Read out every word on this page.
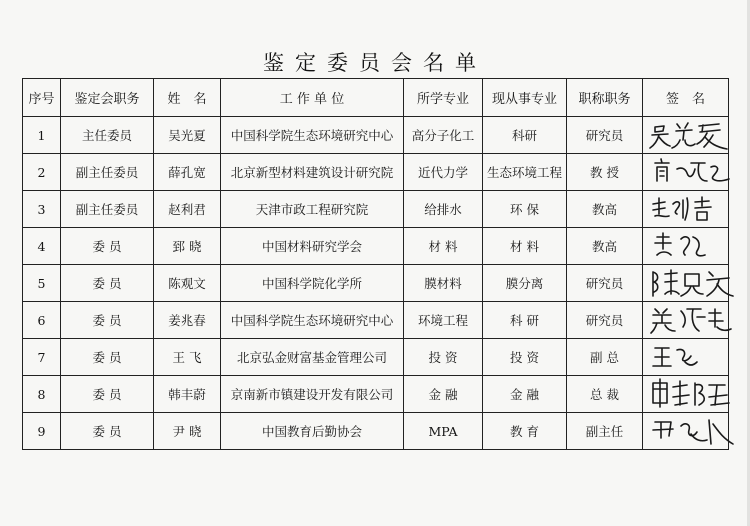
鉴定委员会名单
序号	鉴定会职务	姓　名	工 作 单 位	所学专业	现从事专业	职称职务	签　名
1	主任委员	吴光夏	中国科学院生态环境研究中心	高分子化工	科研	研究员	

2	副主任委员	薛孔宽	北京新型材料建筑设计研究院	近代力学	生态环境工程	教 授	

3	副主任委员	赵利君	天津市政工程研究院	给排水	环 保	教高	

4	委 员	郅 晓	中国材料研究学会	材 料	材 料	教高	

5	委 员	陈观文	中国科学院化学所	膜材料	膜分离	研究员	

6	委 员	姜兆春	中国科学院生态环境研究中心	环境工程	科 研	研究员	

7	委 员	王 飞	北京弘金财富基金管理公司	投 资	投 资	副 总	

8	委 员	韩丰蔚	京南新市镇建设开发有限公司	金 融	金 融	总 裁	

9	委 员	尹 晓	中国教育后勤协会	MPA	教 育	副主任	
